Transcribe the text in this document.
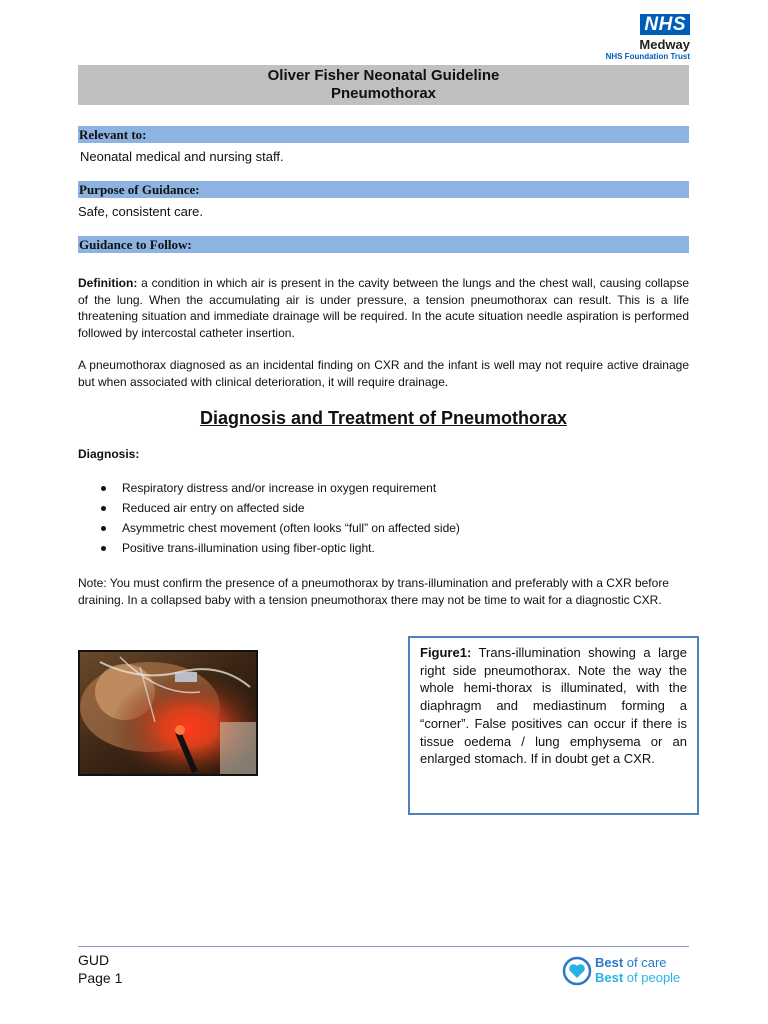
NHS
Medway
NHS Foundation Trust
Oliver Fisher Neonatal Guideline
Pneumothorax
Relevant to:
Neonatal medical and nursing staff.
Purpose of Guidance:
Safe, consistent care.
Guidance to Follow:
Definition: a condition in which air is present in the cavity between the lungs and the chest wall, causing collapse of the lung. When the accumulating air is under pressure, a tension pneumothorax can result. This is a life threatening situation and immediate drainage will be required. In the acute situation needle aspiration is performed followed by intercostal catheter insertion.
A pneumothorax diagnosed as an incidental finding on CXR and the infant is well may not require active drainage but when associated with clinical deterioration, it will require drainage.
Diagnosis and Treatment of Pneumothorax
Diagnosis:
Respiratory distress and/or increase in oxygen requirement
Reduced air entry on affected side
Asymmetric chest movement (often looks “full” on affected side)
Positive trans-illumination using fiber-optic light.
Note: You must confirm the presence of a pneumothorax by trans-illumination and preferably with a CXR before draining. In a collapsed baby with a tension pneumothorax there may not be time to wait for a diagnostic CXR.
Figure1: Trans-illumination showing a large right side pneumothorax. Note the way the whole hemi-thorax is illuminated, with the diaphragm and mediastinum forming a “corner”. False positives can occur if there is tissue oedema / lung emphysema or an enlarged stomach. If in doubt get a CXR.
GUD
Page 1
Best of care
Best of people
